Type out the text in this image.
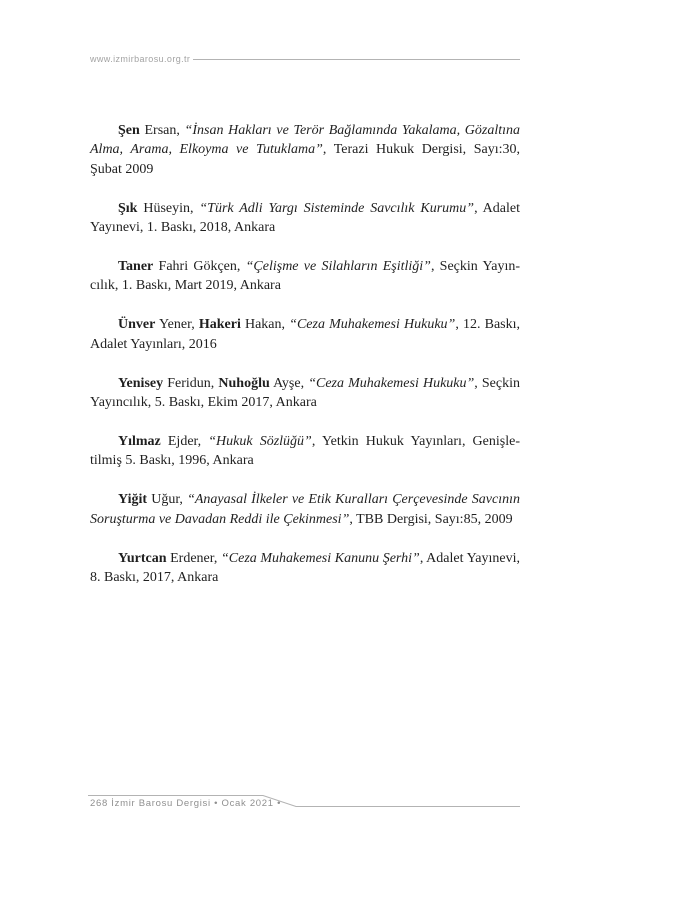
www.izmirbarosu.org.tr

Şen Ersan, “İnsan Hakları ve Terör Bağlamında Yakalama, Gözaltına Alma, Arama, Elkoyma ve Tutuklama”, Terazi Hukuk Dergisi, Sayı:30, Şubat 2009

Şık Hüseyin, “Türk Adli Yargı Sisteminde Savcılık Kurumu”, Adalet Yayınevi, 1. Baskı, 2018, Ankara

Taner Fahri Gökçen, “Çelişme ve Silahların Eşitliği”, Seçkin Yayıncılık, 1. Baskı, Mart 2019, Ankara

Ünver Yener, Hakeri Hakan, “Ceza Muhakemesi Hukuku”, 12. Baskı, Adalet Yayınları, 2016

Yenisey Feridun, Nuhoğlu Ayşe, “Ceza Muhakemesi Hukuku”, Seçkin Yayıncılık, 5. Baskı, Ekim 2017, Ankara

Yılmaz Ejder, “Hukuk Sözlüğü”, Yetkin Hukuk Yayınları, Genişletilmiş 5. Baskı, 1996, Ankara

Yiğit Uğur, “Anayasal İlkeler ve Etik Kuralları Çerçevesinde Savcının Soruşturma ve Davadan Reddi ile Çekinmesi”, TBB Dergisi, Sayı:85, 2009

Yurtcan Erdener, “Ceza Muhakemesi Kanunu Şerhi”, Adalet Yayınevi, 8. Baskı, 2017, Ankara

268 İzmir Barosu Dergisi • Ocak 2021 •
